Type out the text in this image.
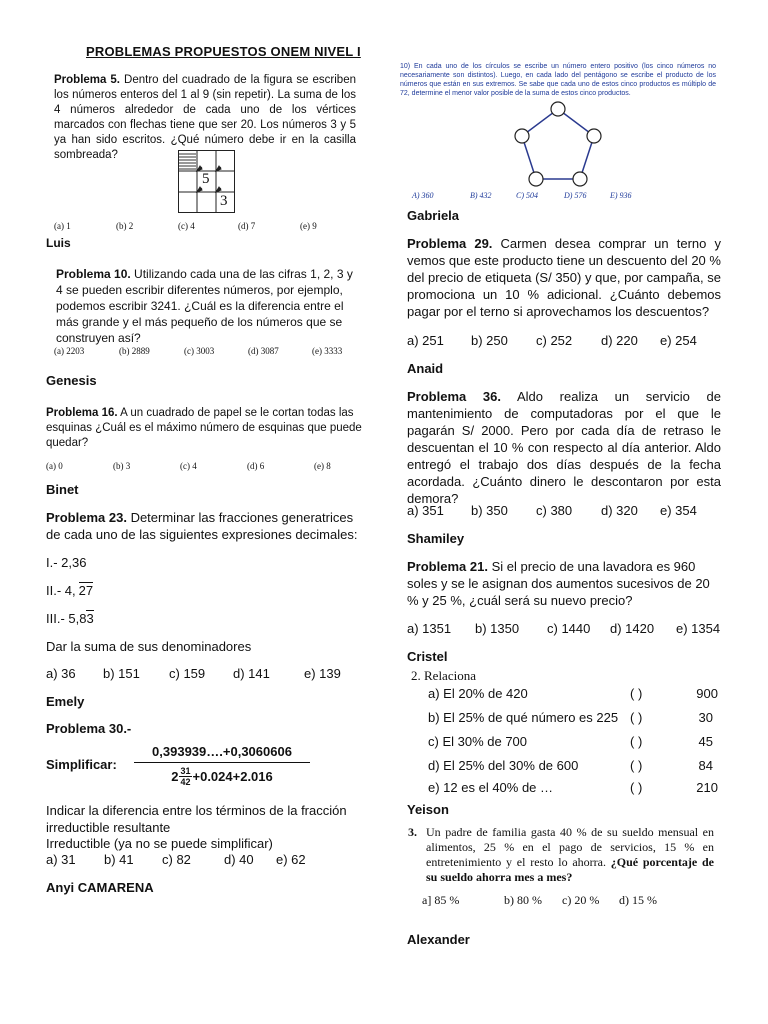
PROBLEMAS PROPUESTOS ONEM NIVEL I
Problema 5. Dentro del cuadrado de la figura se escriben los números enteros del 1 al 9 (sin repetir). La suma de los 4 números alrededor de cada uno de los vértices marcados con flechas tiene que ser 20. Los números 3 y 5 ya han sido escritos. ¿Qué número debe ir en la casilla sombreada?
5
3
(a) 1	(b) 2	(c) 4	(d) 7	(e) 9
Luis
Problema 10. Utilizando cada una de las cifras 1, 2, 3 y 4 se pueden escribir diferentes números, por ejemplo, podemos escribir 3241. ¿Cuál es la diferencia entre el más grande y el más pequeño de los números que se construyen así?
(a) 2203	(b) 2889	(c) 3003	(d) 3087	(e) 3333
Genesis
Problema 16. A un cuadrado de papel se le cortan todas las esquinas ¿Cuál es el máximo número de esquinas que puede quedar?
(a) 0	(b) 3	(c) 4	(d) 6	(e) 8
Binet
Problema 23. Determinar las fracciones generatrices de cada uno de las siguientes expresiones decimales:
I.- 2,36
II.- 4, 27
III.- 5,83
Dar la suma de sus denominadores
a) 36	b) 151	c) 159	d) 141	e) 139
Emely
Problema 30.-
Simplificar: $\frac{0,393939\dots.+0,3060606}{2 \frac{31}{42} +0.024+2.016}$
Indicar la diferencia entre los términos de la fracción irreductible resultante
Irreductible (ya no se puede simplificar)
a) 31	b) 41	c) 82	d) 40	e) 62
Anyi CAMARENA
10) En cada uno de los círculos se escribe un número entero positivo (los cinco números no necesariamente son distintos). Luego, en cada lado del pentágono se escribe el producto de los números que están en sus extremos. Se sabe que cada uno de estos cinco productos es múltiplo de 72, determine el menor valor posible de la suma de estos cinco productos.
A) 360	B) 432	C) 504	D) 576	E) 936
Gabriela
Problema 29. Carmen desea comprar un terno y vemos que este producto tiene un descuento del 20 % del precio de etiqueta (S/ 350) y que, por campaña, se promociona un 10 % adicional. ¿Cuánto debemos pagar por el terno si aprovechamos los descuentos?
a) 251	b) 250	c) 252	d) 220	e) 254
Anaid
Problema 36. Aldo realiza un servicio de mantenimiento de computadoras por el que le pagarán S/ 2000. Pero por cada día de retraso le descuentan el 10 % con respecto al día anterior. Aldo entregó el trabajo dos días después de la fecha acordada. ¿Cuánto dinero le descontaron por esta demora?
a) 351	b) 350	c) 380	d) 320	e) 354
Shamiley
Problema 21. Si el precio de una lavadora es 960 soles y se le asignan dos aumentos sucesivos de 20 % y 25 %, ¿cuál será su nuevo precio?
a) 1351	b) 1350	c) 1440	d) 1420	e) 1354
Cristel
2. Relaciona
a) El 20% de 420	( )	900
b) El 25% de qué número es 225 ( )	30
c) El 30% de 700	( )	45
d) El 25% del 30% de 600	( )	84
e) 12 es el 40% de …	( )	210
Yeison
3. Un padre de familia gasta 40 % de su sueldo mensual en alimentos, 25 % en el pago de servicios, 15 % en entretenimiento y el resto lo ahorra. ¿Qué porcentaje de su sueldo ahorra mes a mes?
a] 85 %	b) 80 %	c) 20 %	d) 15 %
Alexander
